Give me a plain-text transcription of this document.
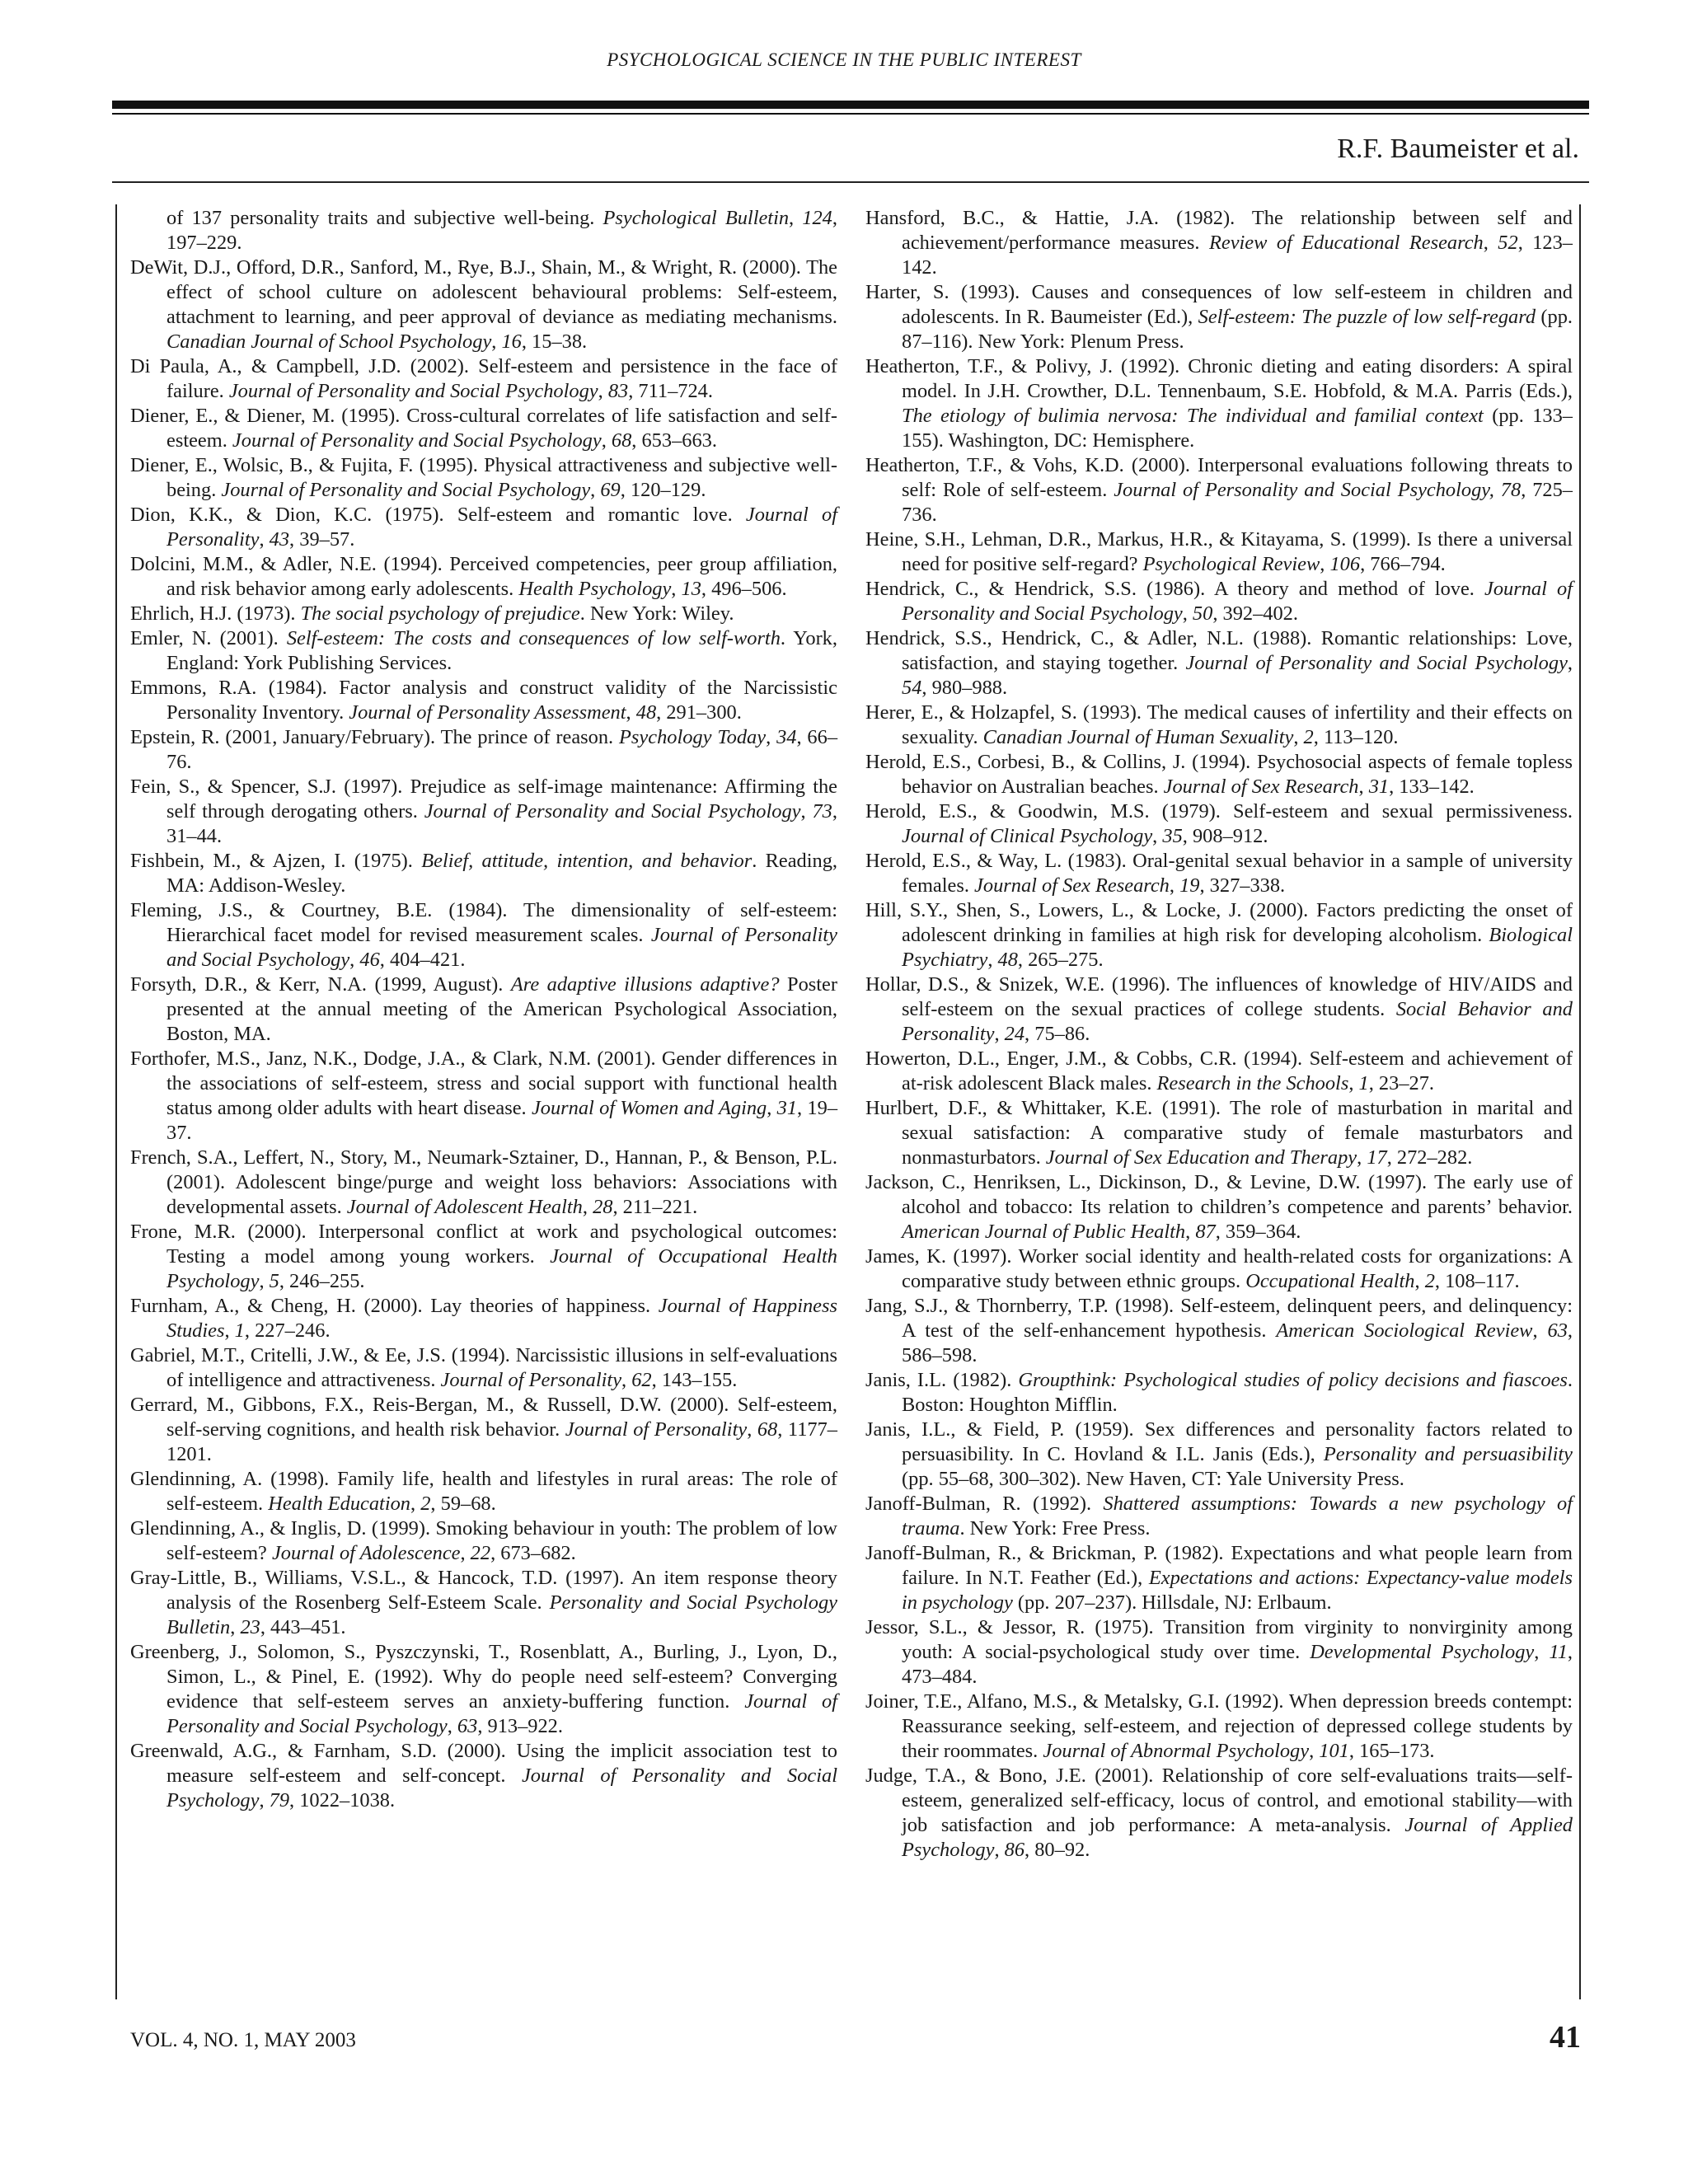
PSYCHOLOGICAL SCIENCE IN THE PUBLIC INTEREST
R.F. Baumeister et al.

of 137 personality traits and subjective well-being. Psychological Bulletin, 124, 197–229.

DeWit, D.J., Offord, D.R., Sanford, M., Rye, B.J., Shain, M., & Wright, R. (2000). The effect of school culture on adolescent behavioural problems: Self-esteem, attachment to learning, and peer approval of deviance as mediating mechanisms. Canadian Journal of School Psychology, 16, 15–38.

Di Paula, A., & Campbell, J.D. (2002). Self-esteem and persistence in the face of failure. Journal of Personality and Social Psychology, 83, 711–724.

Diener, E., & Diener, M. (1995). Cross-cultural correlates of life satisfaction and self-esteem. Journal of Personality and Social Psychology, 68, 653–663.

Diener, E., Wolsic, B., & Fujita, F. (1995). Physical attractiveness and subjective well-being. Journal of Personality and Social Psychology, 69, 120–129.

Dion, K.K., & Dion, K.C. (1975). Self-esteem and romantic love. Journal of Personality, 43, 39–57.

Dolcini, M.M., & Adler, N.E. (1994). Perceived competencies, peer group affiliation, and risk behavior among early adolescents. Health Psychology, 13, 496–506.

Ehrlich, H.J. (1973). The social psychology of prejudice. New York: Wiley.

Emler, N. (2001). Self-esteem: The costs and consequences of low self-worth. York, England: York Publishing Services.

Emmons, R.A. (1984). Factor analysis and construct validity of the Narcissistic Personality Inventory. Journal of Personality Assessment, 48, 291–300.

Epstein, R. (2001, January/February). The prince of reason. Psychology Today, 34, 66–76.

Fein, S., & Spencer, S.J. (1997). Prejudice as self-image maintenance: Affirming the self through derogating others. Journal of Personality and Social Psychology, 73, 31–44.

Fishbein, M., & Ajzen, I. (1975). Belief, attitude, intention, and behavior. Reading, MA: Addison-Wesley.

Fleming, J.S., & Courtney, B.E. (1984). The dimensionality of self-esteem: Hierarchical facet model for revised measurement scales. Journal of Personality and Social Psychology, 46, 404–421.

Forsyth, D.R., & Kerr, N.A. (1999, August). Are adaptive illusions adaptive? Poster presented at the annual meeting of the American Psychological Association, Boston, MA.

Forthofer, M.S., Janz, N.K., Dodge, J.A., & Clark, N.M. (2001). Gender differences in the associations of self-esteem, stress and social support with functional health status among older adults with heart disease. Journal of Women and Aging, 31, 19–37.

French, S.A., Leffert, N., Story, M., Neumark-Sztainer, D., Hannan, P., & Benson, P.L. (2001). Adolescent binge/purge and weight loss behaviors: Associations with developmental assets. Journal of Adolescent Health, 28, 211–221.

Frone, M.R. (2000). Interpersonal conflict at work and psychological outcomes: Testing a model among young workers. Journal of Occupational Health Psychology, 5, 246–255.

Furnham, A., & Cheng, H. (2000). Lay theories of happiness. Journal of Happiness Studies, 1, 227–246.

Gabriel, M.T., Critelli, J.W., & Ee, J.S. (1994). Narcissistic illusions in self-evaluations of intelligence and attractiveness. Journal of Personality, 62, 143–155.

Gerrard, M., Gibbons, F.X., Reis-Bergan, M., & Russell, D.W. (2000). Self-esteem, self-serving cognitions, and health risk behavior. Journal of Personality, 68, 1177–1201.

Glendinning, A. (1998). Family life, health and lifestyles in rural areas: The role of self-esteem. Health Education, 2, 59–68.

Glendinning, A., & Inglis, D. (1999). Smoking behaviour in youth: The problem of low self-esteem? Journal of Adolescence, 22, 673–682.

Gray-Little, B., Williams, V.S.L., & Hancock, T.D. (1997). An item response theory analysis of the Rosenberg Self-Esteem Scale. Personality and Social Psychology Bulletin, 23, 443–451.

Greenberg, J., Solomon, S., Pyszczynski, T., Rosenblatt, A., Burling, J., Lyon, D., Simon, L., & Pinel, E. (1992). Why do people need self-esteem? Converging evidence that self-esteem serves an anxiety-buffering function. Journal of Personality and Social Psychology, 63, 913–922.

Greenwald, A.G., & Farnham, S.D. (2000). Using the implicit association test to measure self-esteem and self-concept. Journal of Personality and Social Psychology, 79, 1022–1038.

Hansford, B.C., & Hattie, J.A. (1982). The relationship between self and achievement/performance measures. Review of Educational Research, 52, 123–142.

Harter, S. (1993). Causes and consequences of low self-esteem in children and adolescents. In R. Baumeister (Ed.), Self-esteem: The puzzle of low self-regard (pp. 87–116). New York: Plenum Press.

Heatherton, T.F., & Polivy, J. (1992). Chronic dieting and eating disorders: A spiral model. In J.H. Crowther, D.L. Tennenbaum, S.E. Hobfold, & M.A. Parris (Eds.), The etiology of bulimia nervosa: The individual and familial context (pp. 133–155). Washington, DC: Hemisphere.

Heatherton, T.F., & Vohs, K.D. (2000). Interpersonal evaluations following threats to self: Role of self-esteem. Journal of Personality and Social Psychology, 78, 725–736.

Heine, S.H., Lehman, D.R., Markus, H.R., & Kitayama, S. (1999). Is there a universal need for positive self-regard? Psychological Review, 106, 766–794.

Hendrick, C., & Hendrick, S.S. (1986). A theory and method of love. Journal of Personality and Social Psychology, 50, 392–402.

Hendrick, S.S., Hendrick, C., & Adler, N.L. (1988). Romantic relationships: Love, satisfaction, and staying together. Journal of Personality and Social Psychology, 54, 980–988.

Herer, E., & Holzapfel, S. (1993). The medical causes of infertility and their effects on sexuality. Canadian Journal of Human Sexuality, 2, 113–120.

Herold, E.S., Corbesi, B., & Collins, J. (1994). Psychosocial aspects of female topless behavior on Australian beaches. Journal of Sex Research, 31, 133–142.

Herold, E.S., & Goodwin, M.S. (1979). Self-esteem and sexual permissiveness. Journal of Clinical Psychology, 35, 908–912.

Herold, E.S., & Way, L. (1983). Oral-genital sexual behavior in a sample of university females. Journal of Sex Research, 19, 327–338.

Hill, S.Y., Shen, S., Lowers, L., & Locke, J. (2000). Factors predicting the onset of adolescent drinking in families at high risk for developing alcoholism. Biological Psychiatry, 48, 265–275.

Hollar, D.S., & Snizek, W.E. (1996). The influences of knowledge of HIV/AIDS and self-esteem on the sexual practices of college students. Social Behavior and Personality, 24, 75–86.

Howerton, D.L., Enger, J.M., & Cobbs, C.R. (1994). Self-esteem and achievement of at-risk adolescent Black males. Research in the Schools, 1, 23–27.

Hurlbert, D.F., & Whittaker, K.E. (1991). The role of masturbation in marital and sexual satisfaction: A comparative study of female masturbators and nonmasturbators. Journal of Sex Education and Therapy, 17, 272–282.

Jackson, C., Henriksen, L., Dickinson, D., & Levine, D.W. (1997). The early use of alcohol and tobacco: Its relation to children’s competence and parents’ behavior. American Journal of Public Health, 87, 359–364.

James, K. (1997). Worker social identity and health-related costs for organizations: A comparative study between ethnic groups. Occupational Health, 2, 108–117.

Jang, S.J., & Thornberry, T.P. (1998). Self-esteem, delinquent peers, and delinquency: A test of the self-enhancement hypothesis. American Sociological Review, 63, 586–598.

Janis, I.L. (1982). Groupthink: Psychological studies of policy decisions and fiascoes. Boston: Houghton Mifflin.

Janis, I.L., & Field, P. (1959). Sex differences and personality factors related to persuasibility. In C. Hovland & I.L. Janis (Eds.), Personality and persuasibility (pp. 55–68, 300–302). New Haven, CT: Yale University Press.

Janoff-Bulman, R. (1992). Shattered assumptions: Towards a new psychology of trauma. New York: Free Press.

Janoff-Bulman, R., & Brickman, P. (1982). Expectations and what people learn from failure. In N.T. Feather (Ed.), Expectations and actions: Expectancy-value models in psychology (pp. 207–237). Hillsdale, NJ: Erlbaum.

Jessor, S.L., & Jessor, R. (1975). Transition from virginity to nonvirginity among youth: A social-psychological study over time. Developmental Psychology, 11, 473–484.

Joiner, T.E., Alfano, M.S., & Metalsky, G.I. (1992). When depression breeds contempt: Reassurance seeking, self-esteem, and rejection of depressed college students by their roommates. Journal of Abnormal Psychology, 101, 165–173.

Judge, T.A., & Bono, J.E. (2001). Relationship of core self-evaluations traits—self-esteem, generalized self-efficacy, locus of control, and emotional stability—with job satisfaction and job performance: A meta-analysis. Journal of Applied Psychology, 86, 80–92.

VOL. 4, NO. 1, MAY 2003	41
